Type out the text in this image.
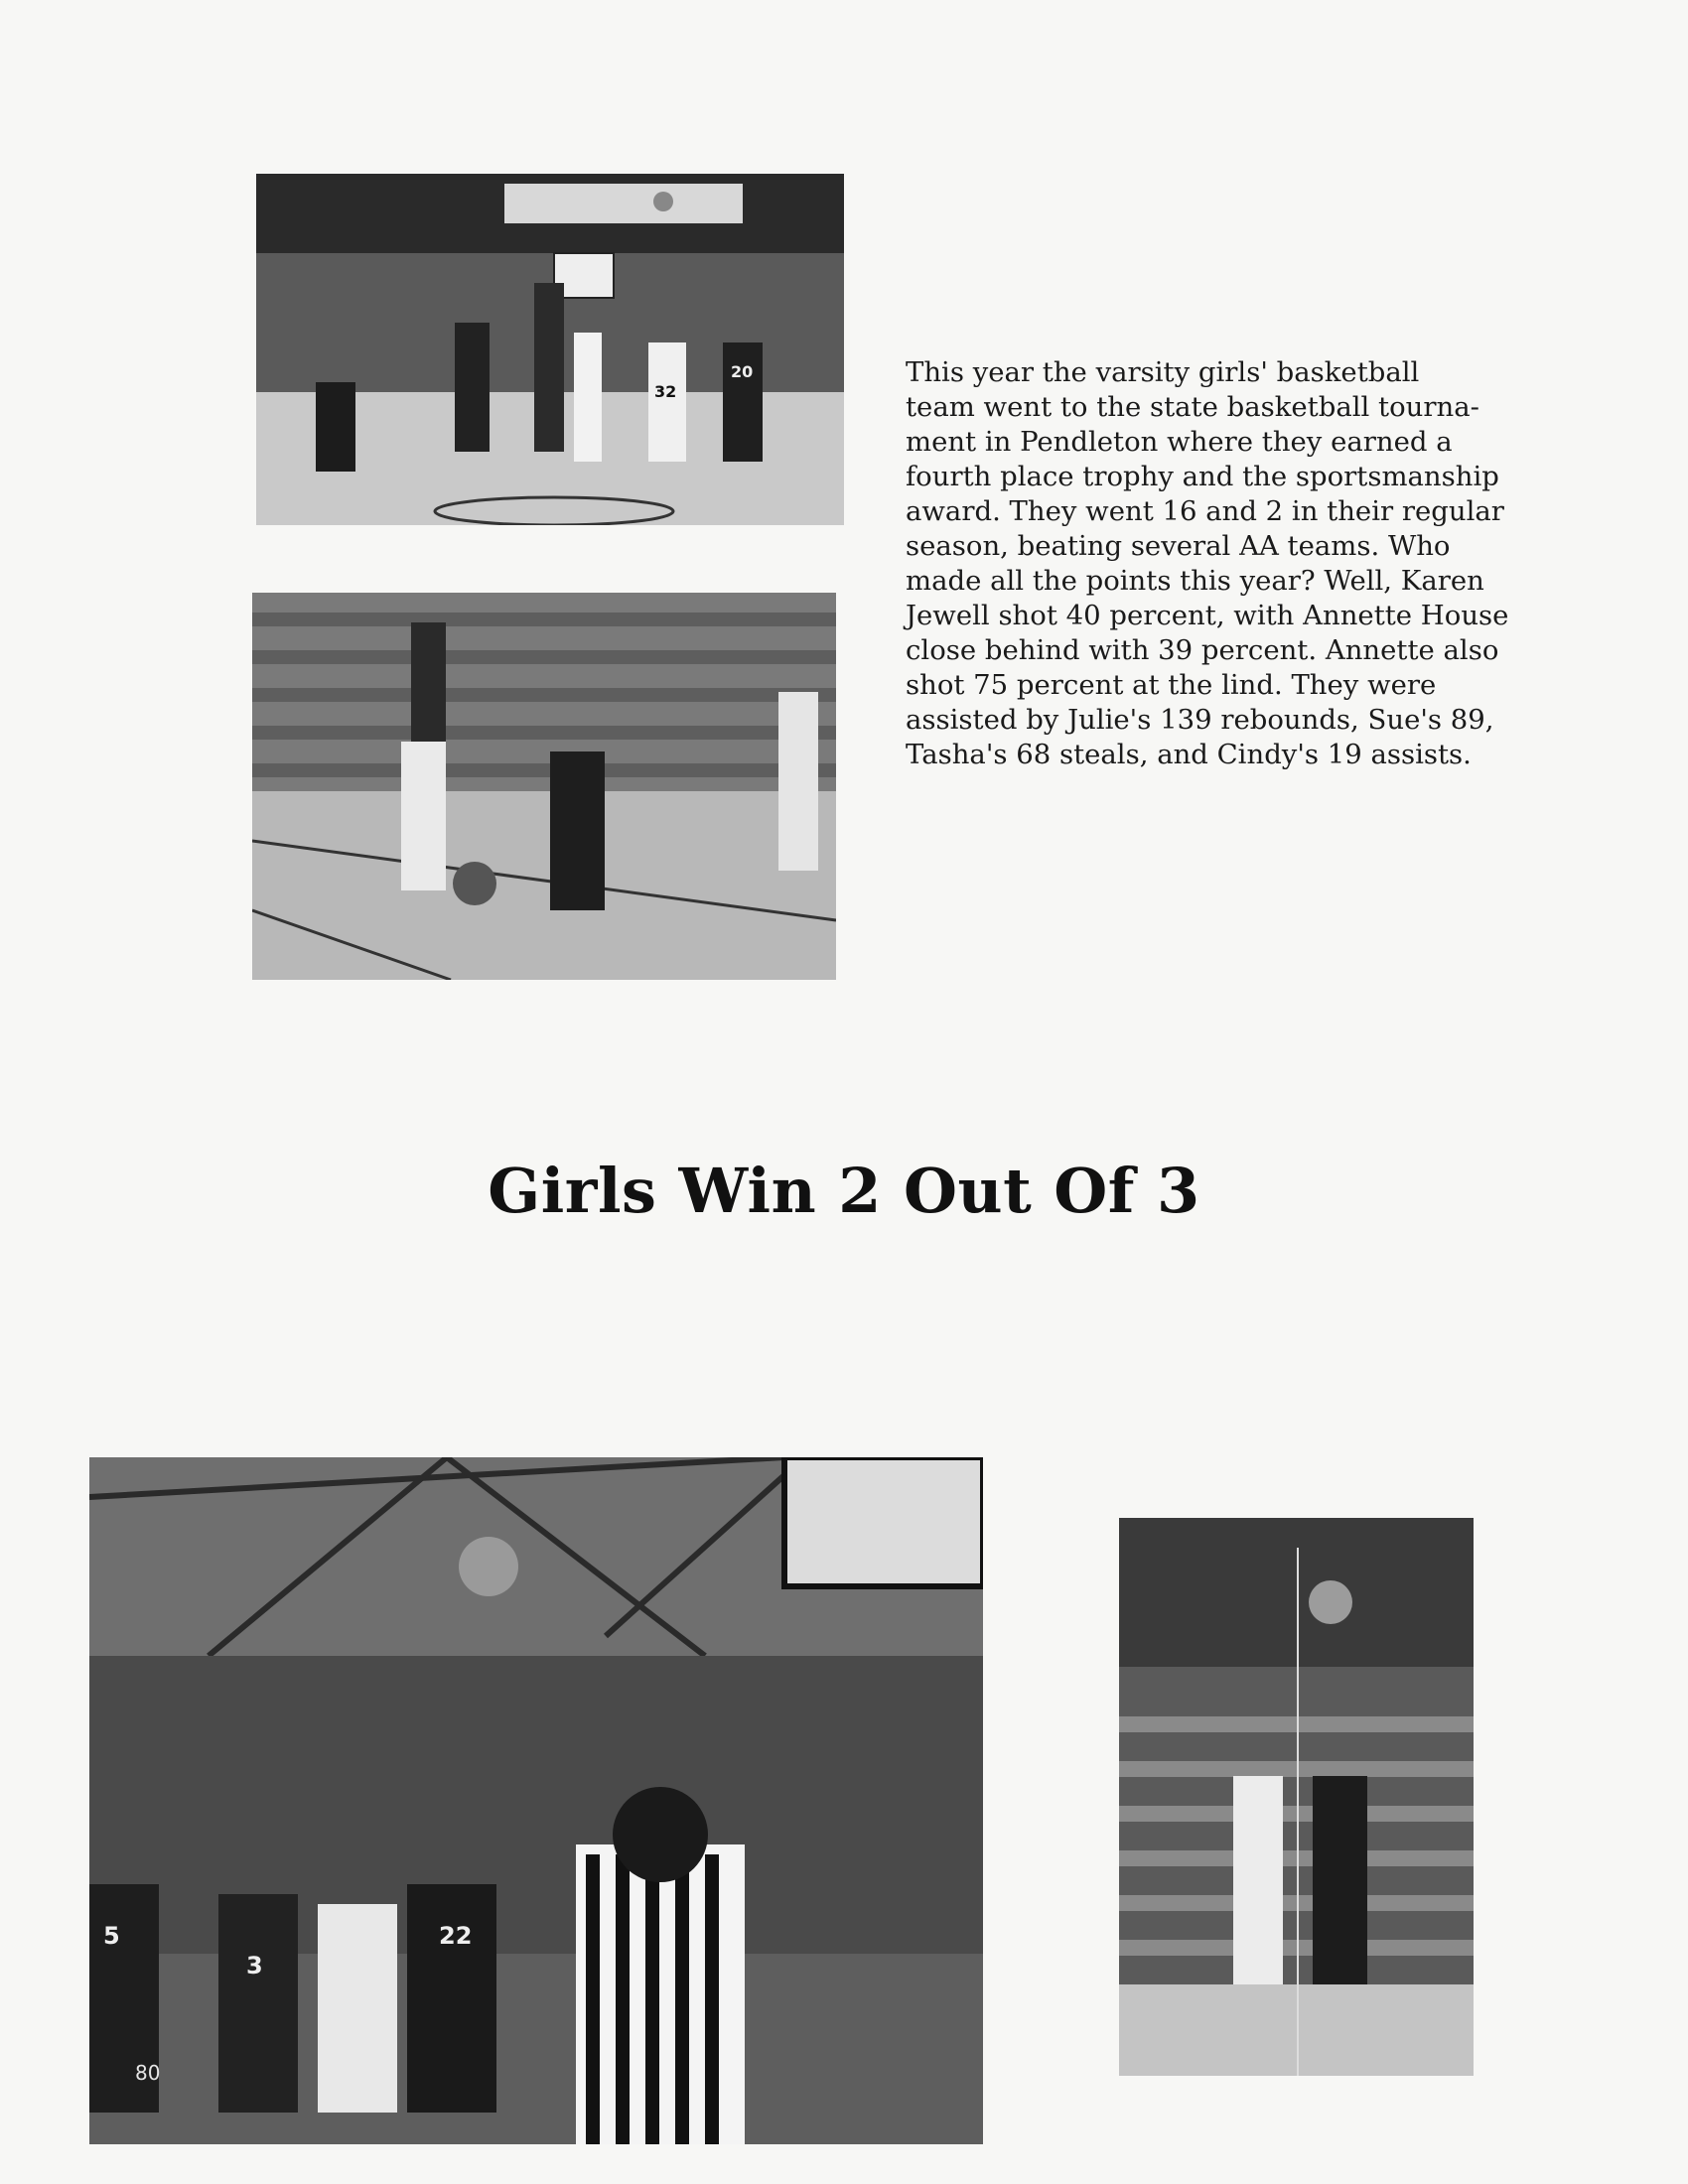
32
20	This year the varsity girls' basketball
team went to the state basketball tourna-
ment in Pendleton where they earned a
fourth place trophy and the sportsmanship
award. They went 16 and 2 in their regular
season, beating several AA teams. Who
made all the points this year? Well, Karen
Jewell shot 40 percent, with Annette House
close behind with 39 percent. Annette also
shot 75 percent at the lind. They were
assisted by Julie's 139 rebounds, Sue's 89,
Tasha's 68 steals, and Cindy's 19 assists.
Girls Win 2 Out Of 3
22
3
5
80
